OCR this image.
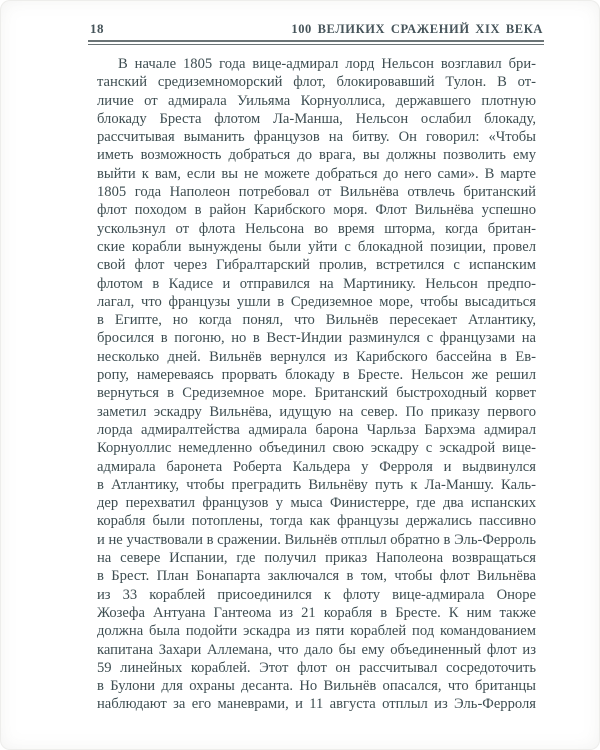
18	100 ВЕЛИКИХ СРАЖЕНИЙ XIX ВЕКА
В начале 1805 года вице-адмирал лорд Нельсон возглавил бри-
танский средиземноморский флот, блокировавший Тулон. В от-
личие от адмирала Уильяма Корнуоллиса, державшего плотную
блокаду Бреста флотом Ла-Манша, Нельсон ослабил блокаду,
рассчитывая выманить французов на битву. Он говорил: «Чтобы
иметь возможность добраться до врага, вы должны позволить ему
выйти к вам, если вы не можете добраться до него сами». В марте
1805 года Наполеон потребовал от Вильнёва отвлечь британский
флот походом в район Карибского моря. Флот Вильнёва успешно
ускользнул от флота Нельсона во время шторма, когда британ-
ские корабли вынуждены были уйти с блокадной позиции, провел
свой флот через Гибралтарский пролив, встретился с испанским
флотом в Кадисе и отправился на Мартинику. Нельсон предпо-
лагал, что французы ушли в Средиземное море, чтобы высадиться
в Египте, но когда понял, что Вильнёв пересекает Атлантику,
бросился в погоню, но в Вест-Индии разминулся с французами на
несколько дней. Вильнёв вернулся из Карибского бассейна в Ев-
ропу, намереваясь прорвать блокаду в Бресте. Нельсон же решил
вернуться в Средиземное море. Британский быстроходный корвет
заметил эскадру Вильнёва, идущую на север. По приказу первого
лорда адмиралтейства адмирала барона Чарльза Бархэма адмирал
Корнуоллис немедленно объединил свою эскадру с эскадрой вице-
адмирала баронета Роберта Кальдера у Ферроля и выдвинулся
в Атлантику, чтобы преградить Вильнёву путь к Ла-Маншу. Каль-
дер перехватил французов у мыса Финистерре, где два испанских
корабля были потоплены, тогда как французы держались пассивно
и не участвовали в сражении. Вильнёв отплыл обратно в Эль-Ферроль
на севере Испании, где получил приказ Наполеона возвращаться
в Брест. План Бонапарта заключался в том, чтобы флот Вильнёва
из 33 кораблей присоединился к флоту вице-адмирала Оноре
Жозефа Антуана Гантеома из 21 корабля в Бресте. К ним также
должна была подойти эскадра из пяти кораблей под командованием
капитана Захари Аллемана, что дало бы ему объединенный флот из
59 линейных кораблей. Этот флот он рассчитывал сосредоточить
в Булони для охраны десанта. Но Вильнёв опасался, что британцы
наблюдают за его маневрами, и 11 августа отплыл из Эль-Ферроля
